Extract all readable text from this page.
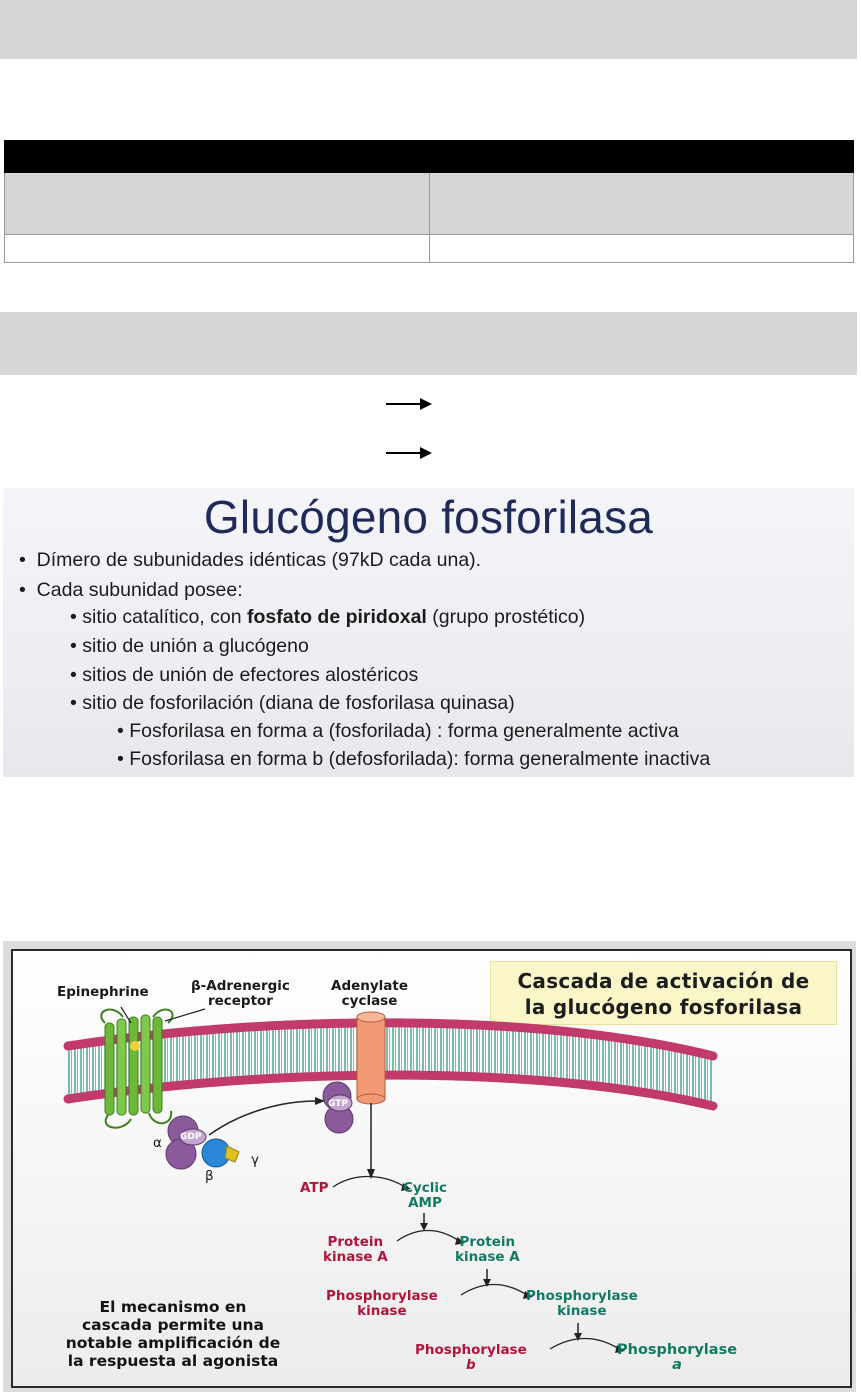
Glucógeno fosforilasa
• Dímero de subunidades idénticas (97kD cada una).
• Cada subunidad posee:
• sitio catalítico, con fosfato de piridoxal (grupo prostético)
• sitio de unión a glucógeno
• sitios de unión de efectores alostéricos
• sitio de fosforilación (diana de fosforilasa quinasa)
• Fosforilasa en forma a (fosforilada) : forma generalmente activa
• Fosforilasa en forma b (defosforilada): forma generalmente inactiva
Cascada de activación de
la glucógeno fosforilasa
Epinephrine	β-Adrenergic
receptor
Adenylate
cyclase
GDP
GTP
α
β
γ
ATP	Cyclic
AMP
Protein
kinase A
Protein
kinase A
Phosphorylase
kinase
Phosphorylase
kinase
Phosphorylase
b
Phosphorylase
a
El mecanismo en
cascada permite una
notable amplificación de
la respuesta al agonista
